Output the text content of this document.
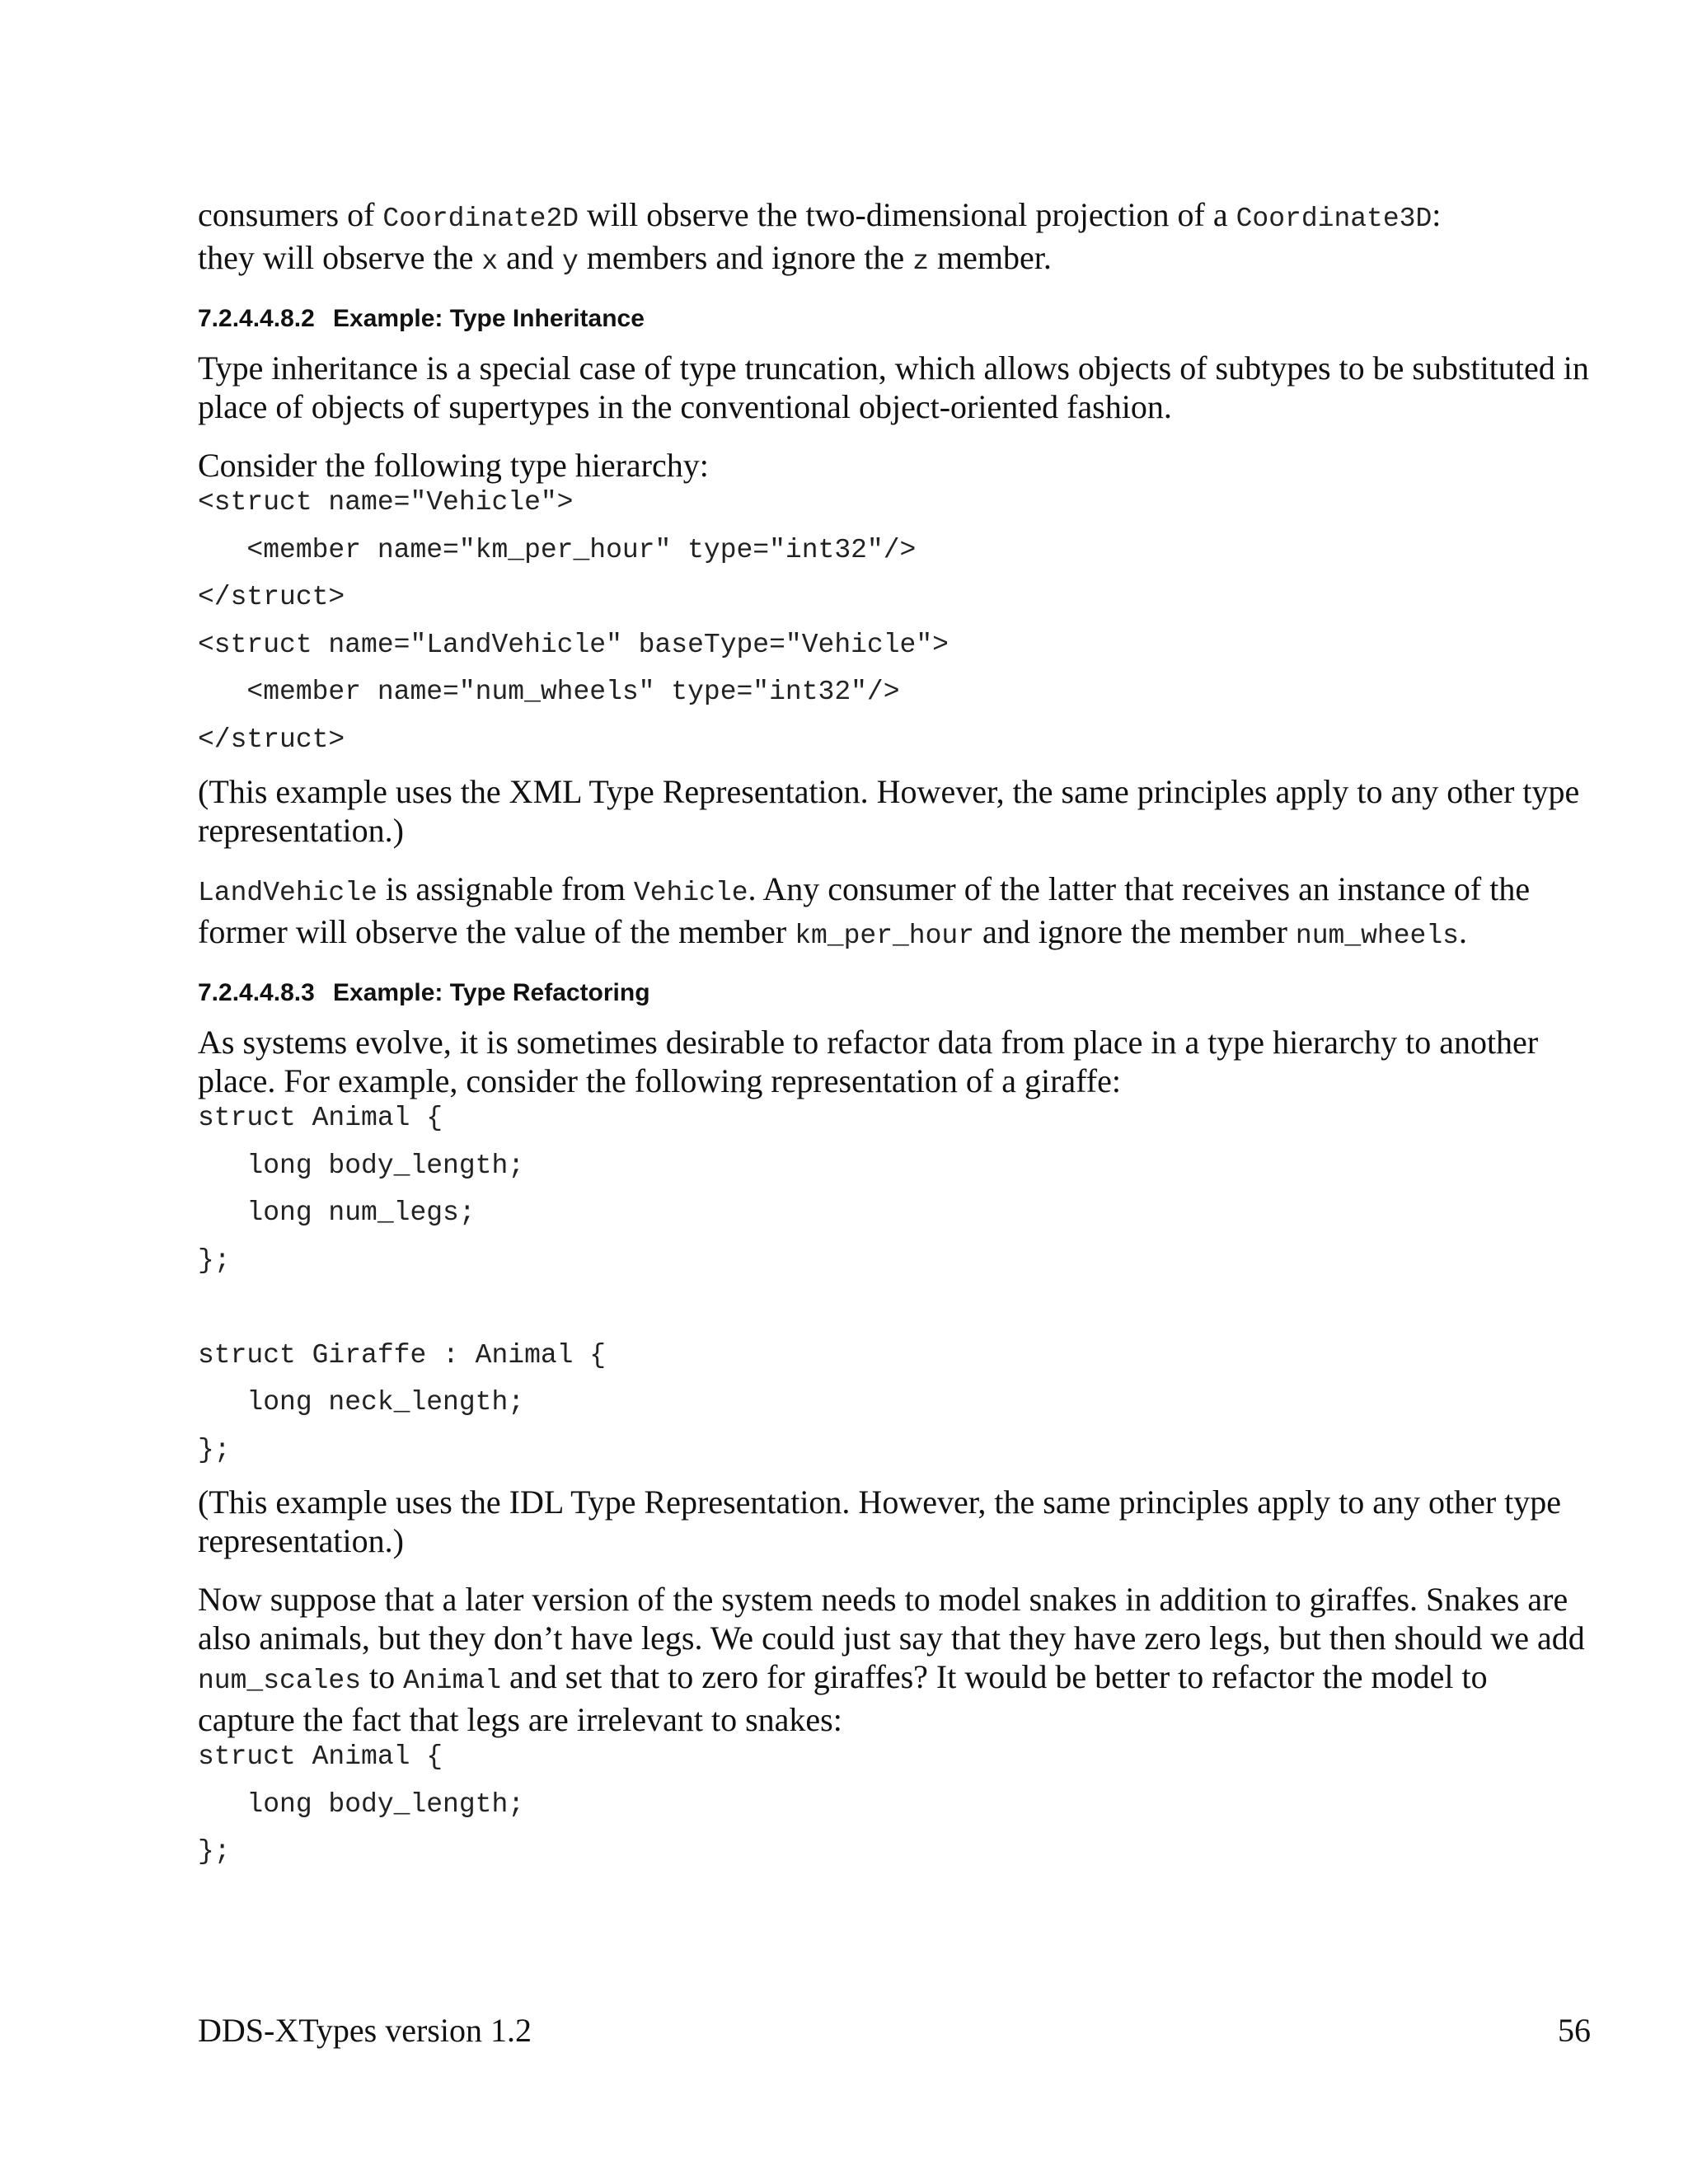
consumers of Coordinate2D will observe the two-dimensional projection of a Coordinate3D:
they will observe the x and y members and ignore the z member.

7.2.4.4.8.2 Example: Type Inheritance

Type inheritance is a special case of type truncation, which allows objects of subtypes to be substituted in place of objects of supertypes in the conventional object-oriented fashion.

Consider the following type hierarchy:

<struct name="Vehicle">
<member name="km_per_hour" type="int32"/>
</struct>
<struct name="LandVehicle" baseType="Vehicle">
<member name="num_wheels" type="int32"/>
</struct>

(This example uses the XML Type Representation. However, the same principles apply to any other type representation.)

LandVehicle is assignable from Vehicle. Any consumer of the latter that receives an instance of the former will observe the value of the member km_per_hour and ignore the member num_wheels.

7.2.4.4.8.3 Example: Type Refactoring

As systems evolve, it is sometimes desirable to refactor data from place in a type hierarchy to another place. For example, consider the following representation of a giraffe:

struct Animal {
long body_length;
long num_legs;
};
struct Giraffe : Animal {
long neck_length;
};

(This example uses the IDL Type Representation. However, the same principles apply to any other type representation.)

Now suppose that a later version of the system needs to model snakes in addition to giraffes. Snakes are also animals, but they don’t have legs. We could just say that they have zero legs, but then should we add num_scales to Animal and set that to zero for giraffes? It would be better to refactor the model to capture the fact that legs are irrelevant to snakes:

struct Animal {
long body_length;
};
DDS-XTypes version 1.2	56
